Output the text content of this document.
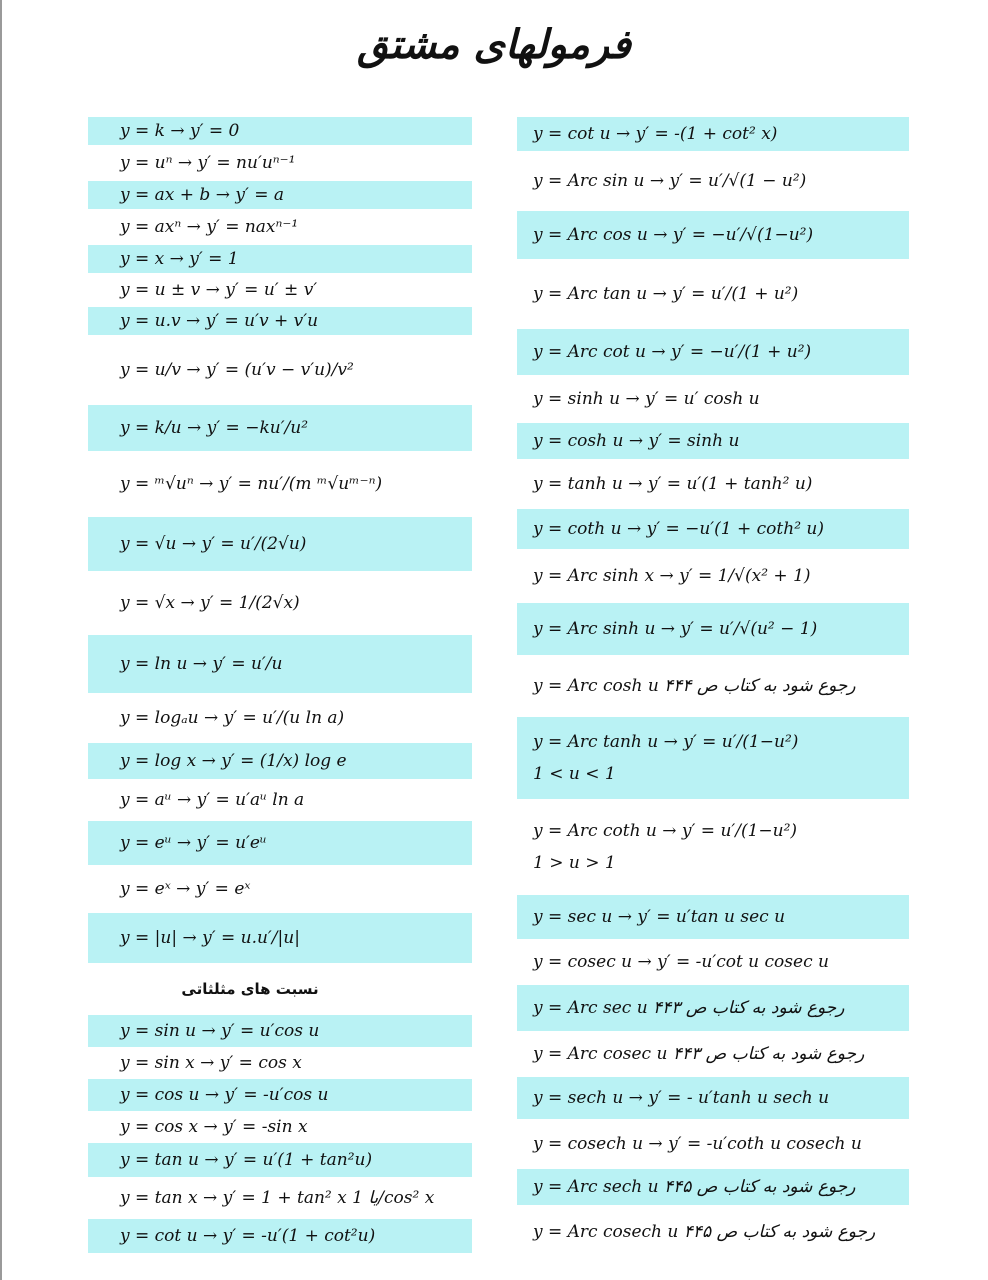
فرمولهای مشتق
y = k → y′ = 0
y = uⁿ → y′ = nu′uⁿ⁻¹
y = ax + b → y′ = a
y = axⁿ → y′ = naxⁿ⁻¹
y = x → y′ = 1
y = u ± v → y′ = u′ ± v′
y = u.v → y′ = u′v + v′u
y = u/v → y′ = (u′v − v′u)/v²
y = k/u → y′ = −ku′/u²
y = ᵐ√uⁿ → y′ = nu′/(m ᵐ√uᵐ⁻ⁿ)
y = √u → y′ = u′/(2√u)
y = √x → y′ = 1/(2√x)
y = ln u → y′ = u′/u
y = logₐu → y′ = u′/(u ln a)
y = log x → y′ = (1/x) log e
y = aᵘ → y′ = u′aᵘ ln a
y = eᵘ → y′ = u′eᵘ
y = eˣ → y′ = eˣ
y = |u| → y′ = u.u′/|u|
نسبت های مثلثاتی
y = sin u → y′ = u′cos u
y = sin x → y′ = cos x
y = cos u → y′ = -u′cos u
y = cos x → y′ = -sin x
y = tan u → y′ = u′(1 + tan²u)
y = tan x → y′ = 1 + tan² x یا 1/cos² x
y = cot u → y′ = -u′(1 + cot²u)
y = cot u → y′ = -(1 + cot² x)
y = Arc sin u → y′ = u′/√(1 − u²)
y = Arc cos u → y′ = −u′/√(1−u²)
y = Arc tan u → y′ = u′/(1 + u²)
y = Arc cot u → y′ = −u′/(1 + u²)
y = sinh u → y′ = u′ cosh u
y = cosh u → y′ = sinh u
y = tanh u → y′ = u′(1 + tanh² u)
y = coth u → y′ = −u′(1 + coth² u)
y = Arc sinh x → y′ = 1/√(x² + 1)
y = Arc sinh u → y′ = u′/√(u² − 1)
y = Arc cosh u رجوع شود به کتاب ص ۴۴۴
y = Arc tanh u → y′ = u′/(1−u²)
1 < u < 1
y = Arc coth u → y′ = u′/(1−u²)
1 > u > 1
y = sec u → y′ = u′tan u sec u
y = cosec u → y′ = -u′cot u cosec u
y = Arc sec u رجوع شود به کتاب ص ۴۴۳
y = Arc cosec u رجوع شود به کتاب ص ۴۴۳
y = sech u → y′ = - u′tanh u sech u
y = cosech u → y′ = -u′coth u cosech u
y = Arc sech u رجوع شود به کتاب ص ۴۴۵
y = Arc cosech u رجوع شود به کتاب ص ۴۴۵
